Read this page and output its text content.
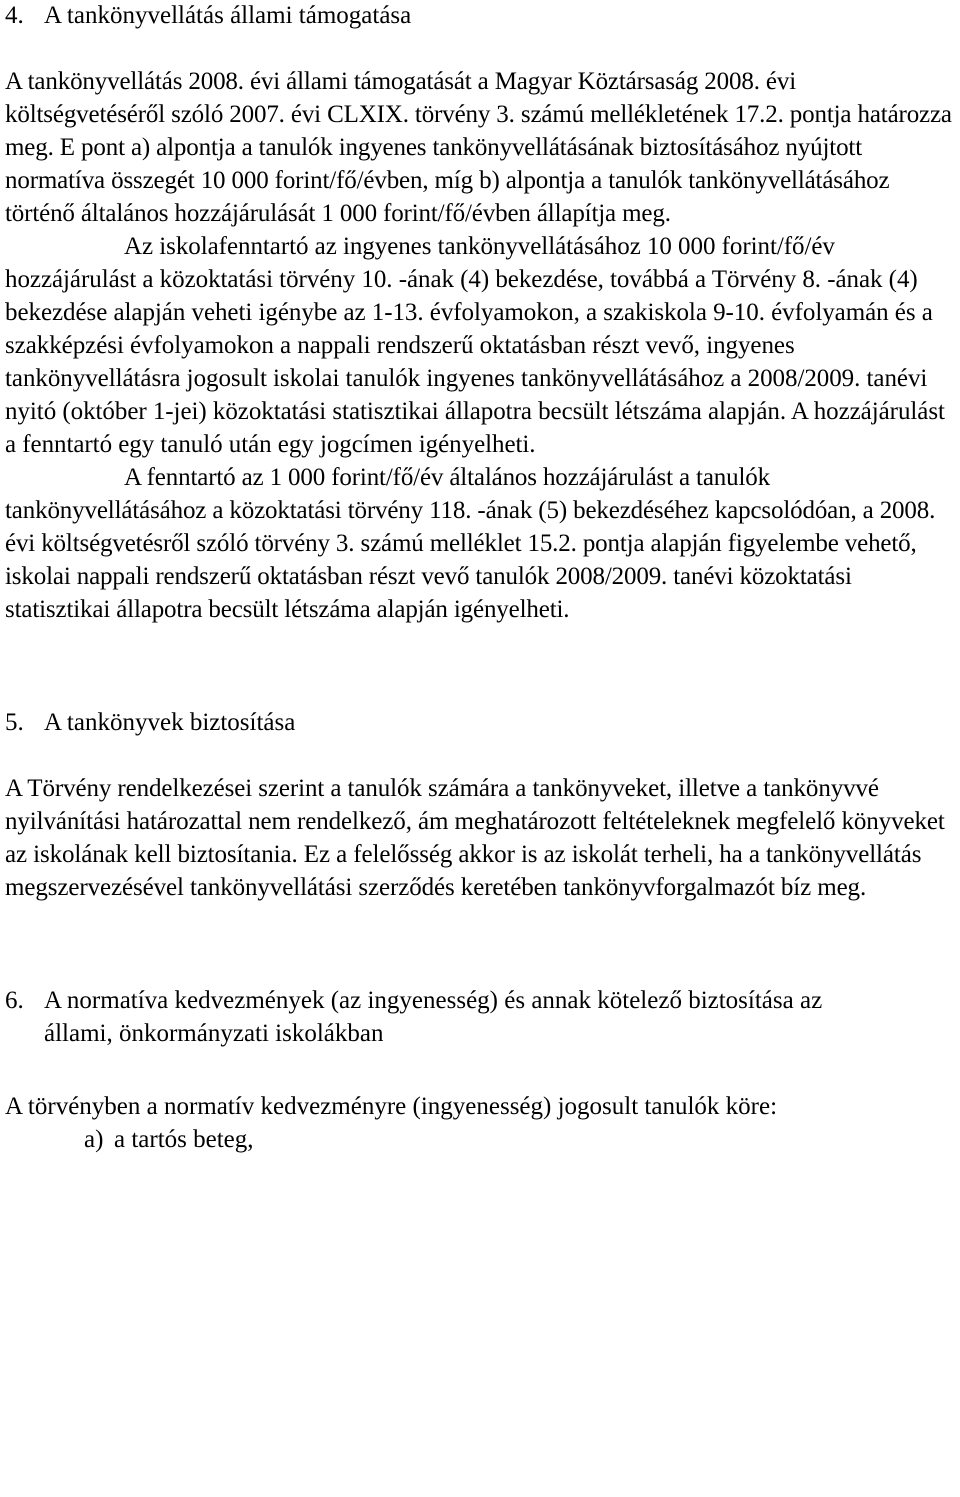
4. A tankönyvellátás állami támogatása

A tankönyvellátás 2008. évi állami támogatását a Magyar Köztársaság 2008. évi költségvetéséről szóló 2007. évi CLXIX. törvény 3. számú mellékletének 17.2. pontja határozza meg. E pont a) alpontja a tanulók ingyenes tankönyvellátásának biztosításához nyújtott normatíva összegét 10 000 forint/fő/évben, míg b) alpontja a tanulók tankönyvellátásához történő általános hozzájárulását 1 000 forint/fő/évben állapítja meg.

Az iskolafenntartó az ingyenes tankönyvellátásához 10 000 forint/fő/év hozzájárulást a közoktatási törvény 10. -ának (4) bekezdése, továbbá a Törvény 8. -ának (4) bekezdése alapján veheti igénybe az 1-13. évfolyamokon, a szakiskola 9-10. évfolyamán és a szakképzési évfolyamokon a nappali rendszerű oktatásban részt vevő, ingyenes tankönyvellátásra jogosult iskolai tanulók ingyenes tankönyvellátásához a 2008/2009. tanévi nyitó (október 1-jei) közoktatási statisztikai állapotra becsült létszáma alapján. A hozzájárulást a fenntartó egy tanuló után egy jogcímen igényelheti.

A fenntartó az 1 000 forint/fő/év általános hozzájárulást a tanulók tankönyvellátásához a közoktatási törvény 118. -ának (5) bekezdéséhez kapcsolódóan, a 2008. évi költségvetésről szóló törvény 3. számú melléklet 15.2. pontja alapján figyelembe vehető, iskolai nappali rendszerű oktatásban részt vevő tanulók 2008/2009. tanévi közoktatási statisztikai állapotra becsült létszáma alapján igényelheti.

5. A tankönyvek biztosítása

A Törvény rendelkezései szerint a tanulók számára a tankönyveket, illetve a tankönyvvé nyilvánítási határozattal nem rendelkező, ám meghatározott feltételeknek megfelelő könyveket az iskolának kell biztosítania. Ez a felelősség akkor is az iskolát terheli, ha a tankönyvellátás megszervezésével tankönyvellátási szerződés keretében tankönyvforgalmazót bíz meg.

6. A normatíva kedvezmények (az ingyenesség) és annak kötelező biztosítása az állami, önkormányzati iskolákban

A törvényben a normatív kedvezményre (ingyenesség) jogosult tanulók köre:

a) a tartós beteg,
